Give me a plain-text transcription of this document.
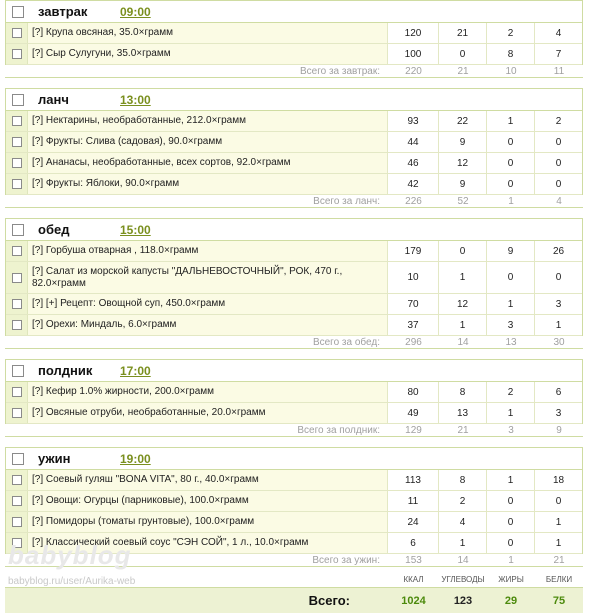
завтрак	09:00
[?] Крупа овсяная, 35.0×грамм	120	21	2	4
[?] Сыр Сулугуни, 35.0×грамм	100	0	8	7
Всего за завтрак:	220	21	10	11
ланч	13:00
[?] Нектарины, необработанные, 212.0×грамм	93	22	1	2
[?] Фрукты: Слива (садовая), 90.0×грамм	44	9	0	0
[?] Ананасы, необработанные, всех сортов, 92.0×грамм	46	12	0	0
[?] Фрукты: Яблоки, 90.0×грамм	42	9	0	0
Всего за ланч:	226	52	1	4
обед	15:00
[?] Горбуша отварная , 118.0×грамм	179	0	9	26
[?] Салат из морской капусты "ДАЛЬНЕВОСТОЧНЫЙ", РОК, 470 г., 82.0×грамм	10	1	0	0
[?] [+] Рецепт: Овощной суп, 450.0×грамм	70	12	1	3
[?] Орехи: Миндаль, 6.0×грамм	37	1	3	1
Всего за обед:	296	14	13	30
полдник	17:00
[?] Кефир 1.0% жирности, 200.0×грамм	80	8	2	6
[?] Овсяные отруби, необработанные, 20.0×грамм	49	13	1	3
Всего за полдник:	129	21	3	9
ужин	19:00
[?] Соевый гуляш "BONA VITA", 80 г., 40.0×грамм	113	8	1	18
[?] Овощи: Огурцы (парниковые), 100.0×грамм	11	2	0	0
[?] Помидоры (томаты грунтовые), 100.0×грамм	24	4	0	1
[?] Классический соевый соус "СЭН СОЙ", 1 л., 10.0×грамм	6	1	0	1
Всего за ужин:	153	14	1	21
ККАЛ	УГЛЕВОДЫ	ЖИРЫ	БЕЛКИ
Всего:	1024	123	29	75
babyblog
babyblog.ru/user/Aurika-web
